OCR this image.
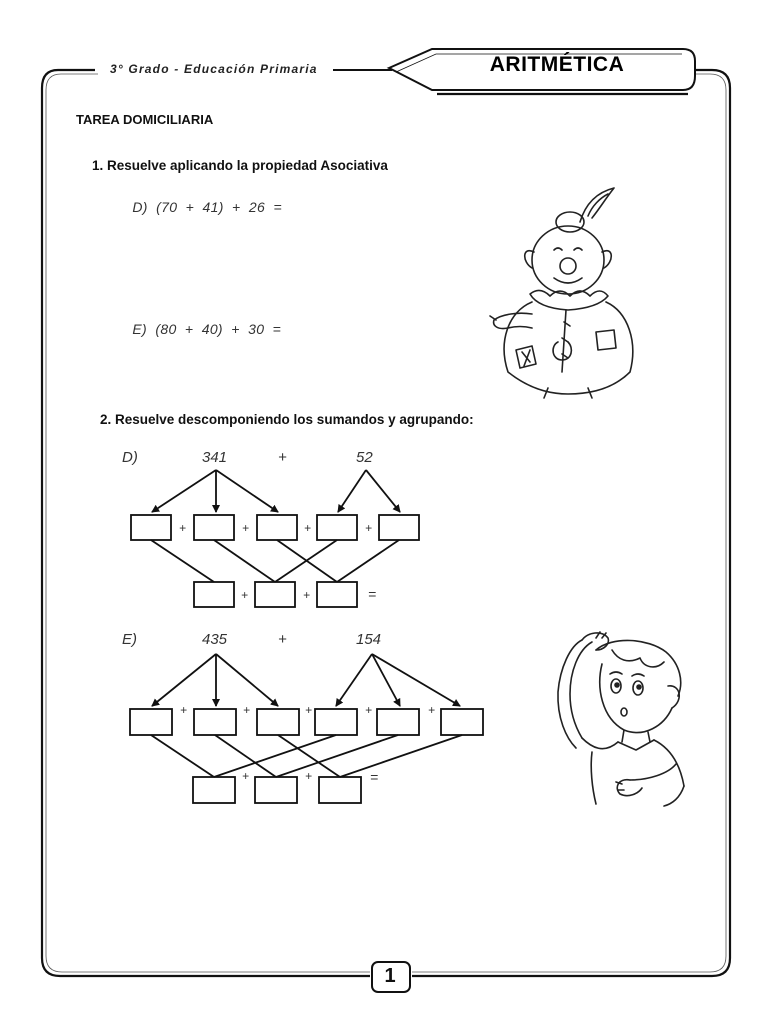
3° Grado - Educación Primaria	ARITMÉTICA
TAREA DOMICILIARIA
1. Resuelve aplicando la propiedad Asociativa

D) (70  +  41)  +  26  =

E) (80  +  40)  +  30  =

2. Resuelve descomponiendo los sumandos y agrupando:
D)	341	+	52
+	+	+	+
+	+	=
E)	435	+	154
+	+	+	+	+
+	+	=
1
